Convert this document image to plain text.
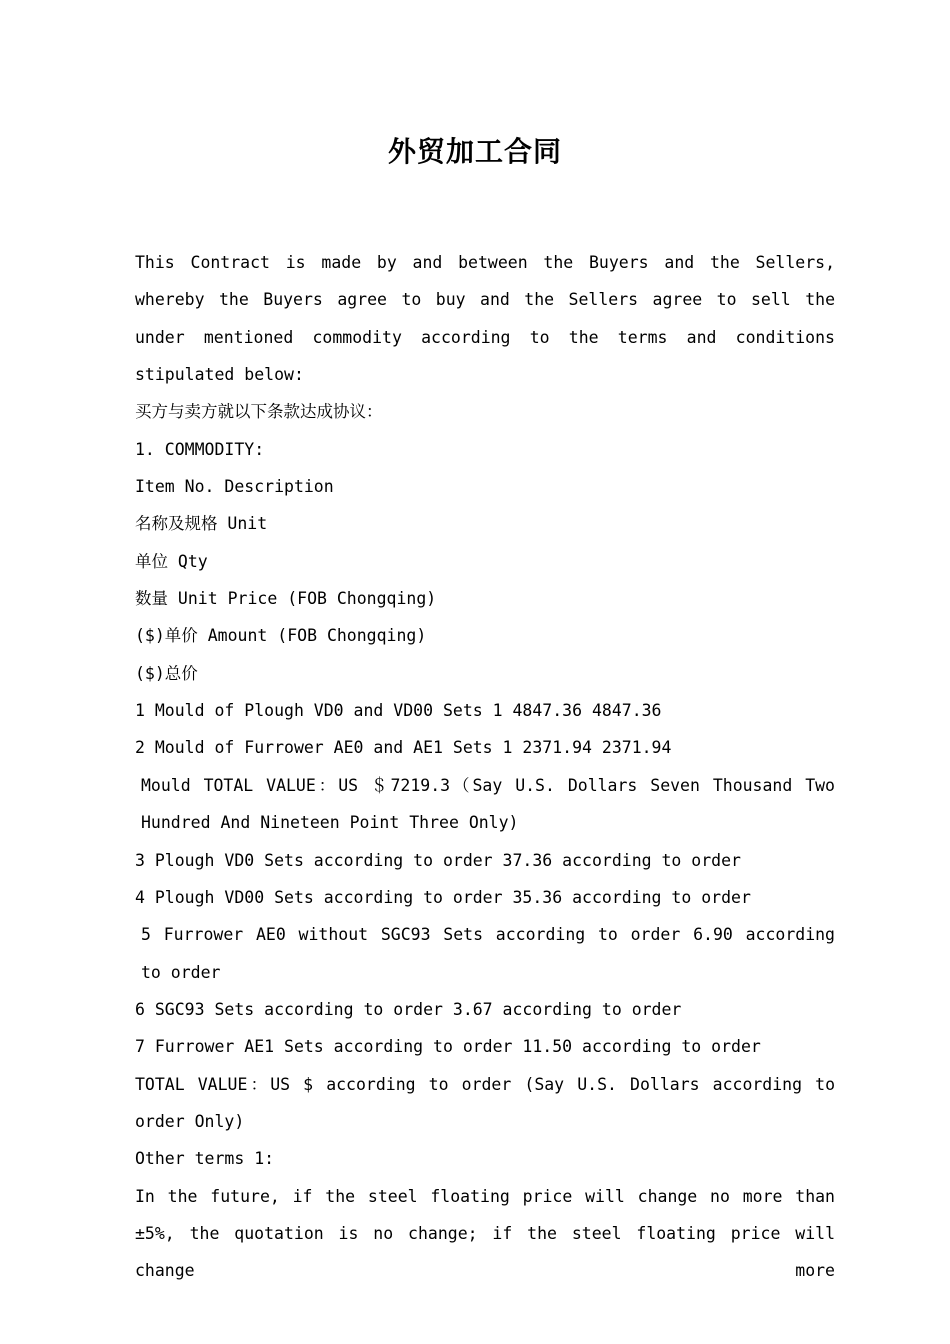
外贸加工合同

This Contract is made by and between the Buyers and the Sellers, whereby the Buyers agree to buy and the Sellers agree to sell the under mentioned commodity according to the terms and conditions stipulated below:

买方与卖方就以下条款达成协议：

1. COMMODITY:

Item No. Description

名称及规格 Unit

单位 Qty

数量 Unit Price (FOB Chongqing)

($)单价 Amount (FOB Chongqing)

($)总价

1 Mould of Plough VD0 and VD00 Sets 1 4847.36 4847.36

2 Mould of Furrower AE0 and AE1 Sets 1 2371.94 2371.94

Mould TOTAL VALUE：US ＄7219.3（Say U.S. Dollars Seven Thousand Two Hundred And Nineteen Point Three Only)

3 Plough VD0 Sets according to order 37.36 according to order

4 Plough VD00 Sets according to order 35.36 according to order

5 Furrower AE0 without SGC93 Sets according to order 6.90 according to order

6 SGC93 Sets according to order 3.67 according to order

7 Furrower AE1 Sets according to order 11.50 according to order

TOTAL VALUE：US $ according to order (Say U.S. Dollars according to order Only)

Other terms 1:

In the future, if the steel floating price will change no more than ±5%, the quotation is no change; if the steel floating price will change more
